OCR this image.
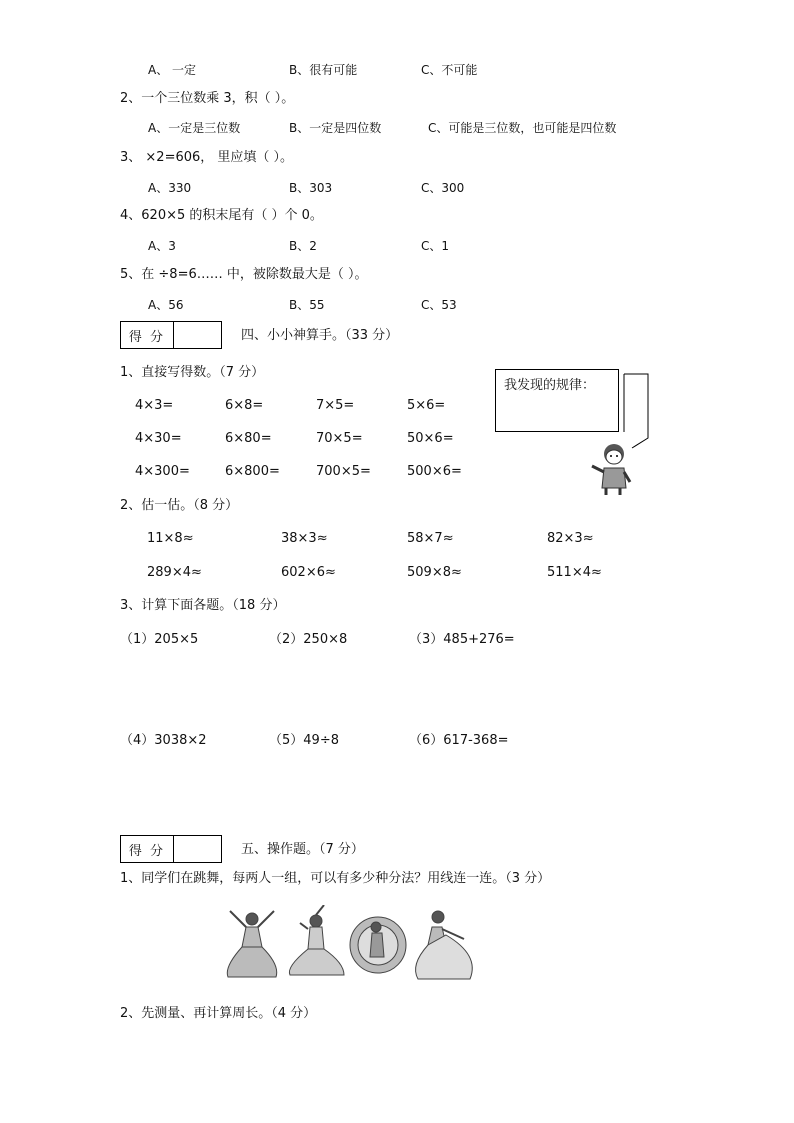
A、 一定	B、很有可能	C、不可能
2、一个三位数乘 3，积（ ）。
A、一定是三位数	B、一定是四位数	C、可能是三位数，也可能是四位数
3、 ×2=606， 里应填（ ）。
A、330	B、303	C、300
4、620×5 的积末尾有（ ）个 0。
A、3	B、2	C、1
5、在 ÷8=6…… 中，被除数最大是（ ）。
A、56	B、55	C、53
得 分	四、小小神算手。（33 分）
1、直接写得数。（7 分）
4×3=	6×8=	7×5=	5×6=
4×30=	6×80=	70×5=	50×6=
4×300=	6×800=	700×5=	500×6=
我发现的规律：
2、估一估。（8 分）
11×8≈	38×3≈	58×7≈	82×3≈
289×4≈	602×6≈	509×8≈	511×4≈
3、计算下面各题。（18 分）
（1）205×5	（2）250×8	（3）485+276=
（4）3038×2	（5）49÷8	（6）617-368=
得 分	五、操作题。（7 分）
1、同学们在跳舞，每两人一组，可以有多少种分法？用线连一连。（3 分）
2、先测量、再计算周长。（4 分）
